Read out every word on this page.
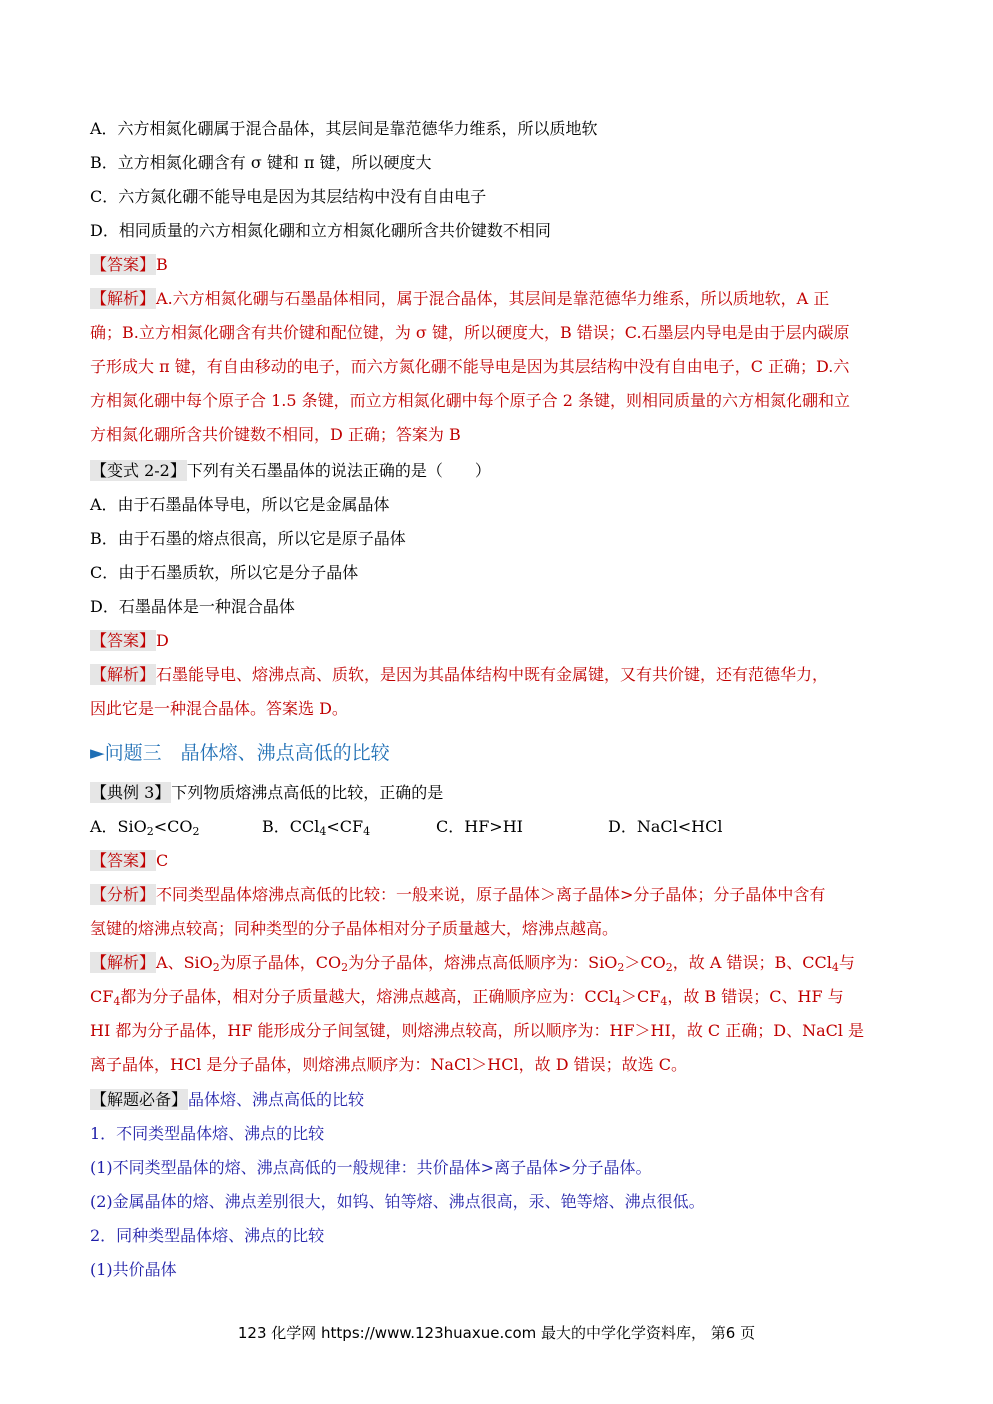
A．六方相氮化硼属于混合晶体，其层间是靠范德华力维系，所以质地软
B．立方相氮化硼含有 σ 键和 π 键，所以硬度大
C．六方氮化硼不能导电是因为其层结构中没有自由电子
D．相同质量的六方相氮化硼和立方相氮化硼所含共价键数不相同
【答案】B
【解析】A.六方相氮化硼与石墨晶体相同，属于混合晶体，其层间是靠范德华力维系，所以质地软，A 正
确；B.立方相氮化硼含有共价键和配位键，为 σ 键，所以硬度大，B 错误；C.石墨层内导电是由于层内碳原
子形成大 π 键，有自由移动的电子，而六方氮化硼不能导电是因为其层结构中没有自由电子，C 正确；D.六
方相氮化硼中每个原子合 1.5 条键，而立方相氮化硼中每个原子合 2 条键，则相同质量的六方相氮化硼和立
方相氮化硼所含共价键数不相同，D 正确；答案为 B
【变式 2-2】下列有关石墨晶体的说法正确的是（　　）
A．由于石墨晶体导电，所以它是金属晶体
B．由于石墨的熔点很高，所以它是原子晶体
C．由于石墨质软，所以它是分子晶体
D．石墨晶体是一种混合晶体
【答案】D
【解析】石墨能导电、熔沸点高、质软，是因为其晶体结构中既有金属键，又有共价键，还有范德华力，
因此它是一种混合晶体。答案选 D。
►问题三　晶体熔、沸点高低的比较
【典例 3】下列物质熔沸点高低的比较，正确的是
A．$SiO_2<CO_2$	B．$CCl_4<CF_4$	C．HF>HI	D．NaCl<HCl
【答案】C
【分析】不同类型晶体熔沸点高低的比较：一般来说，原子晶体＞离子晶体>分子晶体；分子晶体中含有
氢键的熔沸点较高；同种类型的分子晶体相对分子质量越大，熔沸点越高。
【解析】A、SiO$_2$为原子晶体，$CO_2$为分子晶体，熔沸点高低顺序为：$SiO_2>CO_2$，故 A 错误；B、CCl$_4$与
$CF_4$都为分子晶体，相对分子质量越大，熔沸点越高，正确顺序应为：$CCl_4>CF_4$，故 B 错误；C、HF 与
HI 都为分子晶体，HF 能形成分子间氢键，则熔沸点较高，所以顺序为：HF＞HI，故 C 正确；D、NaCl 是
离子晶体，HCl 是分子晶体，则熔沸点顺序为：NaCl＞HCl，故 D 错误；故选 C。
【解题必备】晶体熔、沸点高低的比较
1．不同类型晶体熔、沸点的比较
(1)不同类型晶体的熔、沸点高低的一般规律：共价晶体>离子晶体>分子晶体。
(2)金属晶体的熔、沸点差别很大，如钨、铂等熔、沸点很高，汞、铯等熔、沸点很低。
2．同种类型晶体熔、沸点的比较
(1)共价晶体
123 化学网 https://www.123huaxue.com 最大的中学化学资料库， 第6 页
